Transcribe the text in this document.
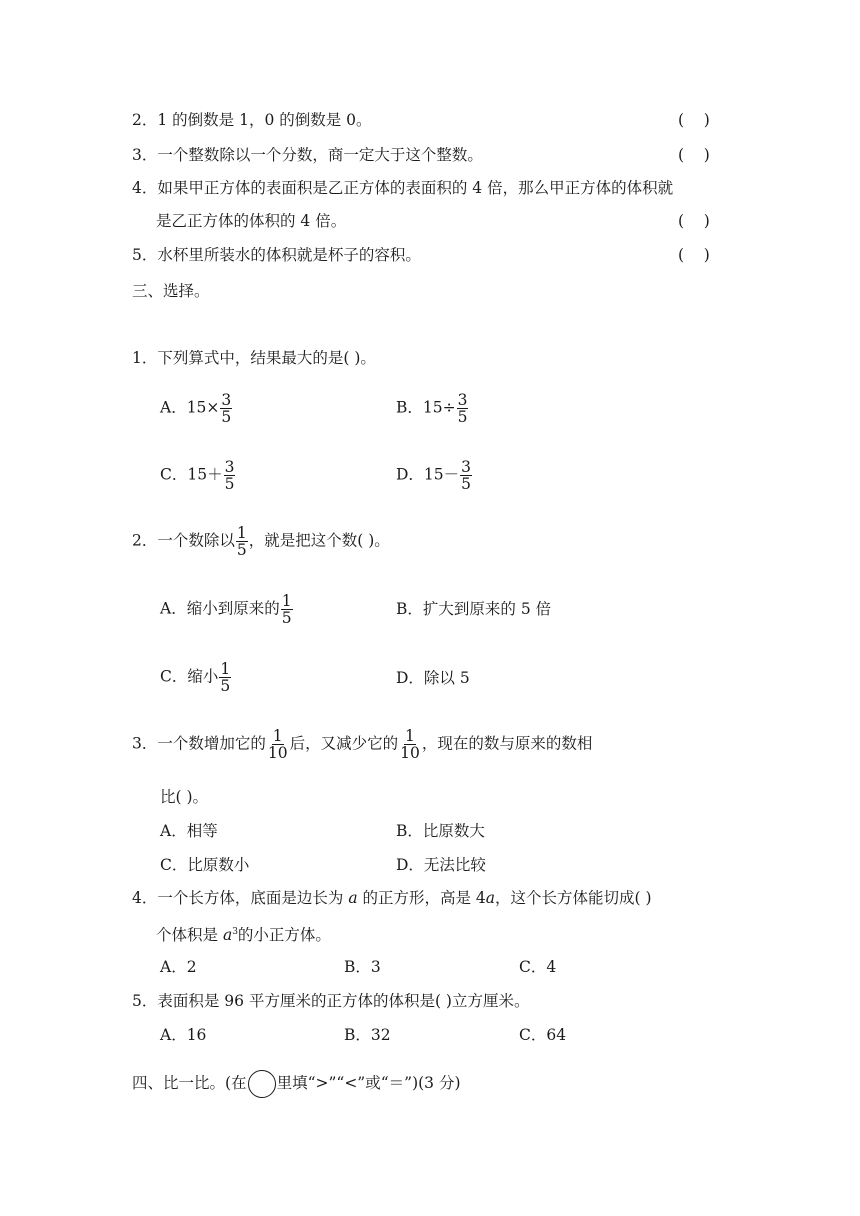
2．1 的倒数是 1，0 的倒数是 0。	(    )
3．一个整数除以一个分数，商一定大于这个整数。	(    )
4．如果甲正方体的表面积是乙正方体的表面积的 4 倍，那么甲正方体的体积就
是乙正方体的体积的 4 倍。	(    )
5．水杯里所装水的体积就是杯子的容积。	(    )
三、选择。
1．下列算式中，结果最大的是( )。
A．$15\times \frac{3}{5}$	B．$15\div \frac{3}{5}$
C．$15+ \frac{3}{5}$	D．$15- \frac{3}{5}$
2．一个数除以 $\frac{1}{5}$ ，就是把这个数( )。
A．缩小到原来的 $\frac{1}{5}$	B．扩大到原来的 5 倍
C．缩小 $\frac{1}{5}$	D．除以 5
3．一个数增加它的 $\frac{1}{10}$ 后，又减少它的 $\frac{1}{10}$ ，现在的数与原来的数相
比( )。
A．相等	B．比原数大
C．比原数小	D．无法比较
4．一个长方体，底面是边长为 a 的正方形，高是 4a，这个长方体能切成( )
个体积是 $a^3$的小正方体。
A．2	B．3	C．4
5．表面积是 96 平方厘米的正方体的体积是( )立方厘米。
A．16	B．32	C．64
四、比一比。(在 里填“>”“<”或“＝”)(3 分)
